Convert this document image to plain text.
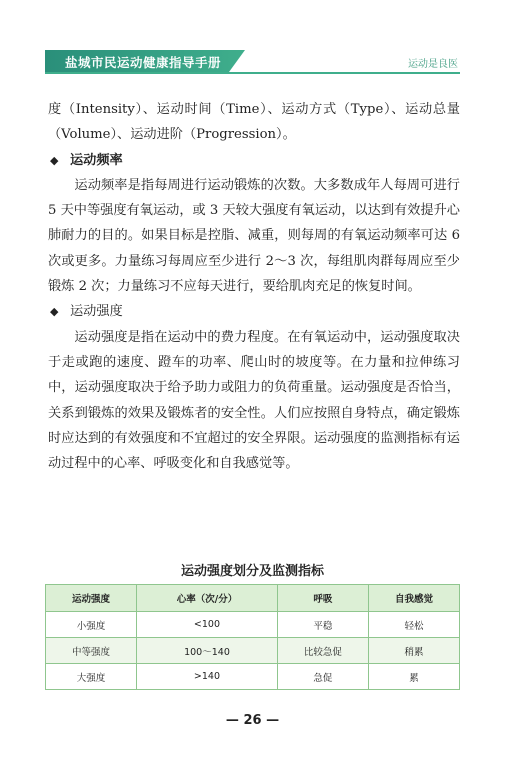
盐城市民运动健康指导手册	运动是良医

度（Intensity）、运动时间（Time）、运动方式（Type）、运动总量（Volume）、运动进阶（Progression）。

◆ 运动频率

运动频率是指每周进行运动锻炼的次数。大多数成年人每周可进行 5 天中等强度有氧运动，或 3 天较大强度有氧运动，以达到有效提升心肺耐力的目的。如果目标是控脂、减重，则每周的有氧运动频率可达 6 次或更多。力量练习每周应至少进行 2～3 次，每组肌肉群每周应至少锻炼 2 次；力量练习不应每天进行，要给肌肉充足的恢复时间。

◆ 运动强度

运动强度是指在运动中的费力程度。在有氧运动中，运动强度取决于走或跑的速度、蹬车的功率、爬山时的坡度等。在力量和拉伸练习中，运动强度取决于给予助力或阻力的负荷重量。运动强度是否恰当，关系到锻炼的效果及锻炼者的安全性。人们应按照自身特点，确定锻炼时应达到的有效强度和不宜超过的安全界限。运动强度的监测指标有运动过程中的心率、呼吸变化和自我感觉等。

运动强度划分及监测指标
运动强度	心率（次/分）	呼吸	自我感觉
小强度	<100	平稳	轻松
中等强度	100～140	比较急促	稍累
大强度	>140	急促	累
— 26 —
